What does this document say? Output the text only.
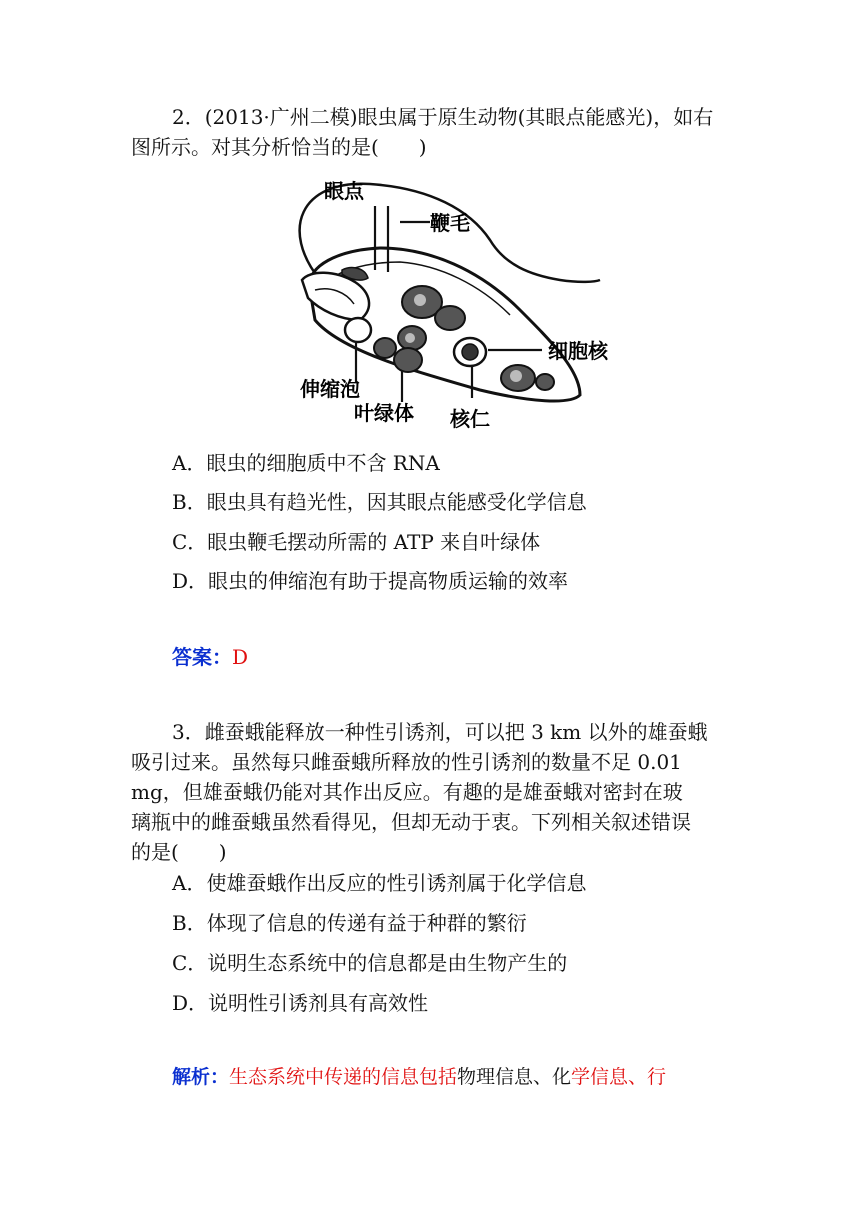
2．(2013·广州二模)眼虫属于原生动物(其眼点能感光)，如右
图所示。对其分析恰当的是(　　)
眼点
鞭毛
细胞核
伸缩泡
叶绿体 核仁
A．眼虫的细胞质中不含 RNA
B．眼虫具有趋光性，因其眼点能感受化学信息
C．眼虫鞭毛摆动所需的 ATP 来自叶绿体
D．眼虫的伸缩泡有助于提高物质运输的效率
答案：D
3．雌蚕蛾能释放一种性引诱剂，可以把 3 km 以外的雄蚕蛾
吸引过来。虽然每只雌蚕蛾所释放的性引诱剂的数量不足 0.01
mg，但雄蚕蛾仍能对其作出反应。有趣的是雄蚕蛾对密封在玻
璃瓶中的雌蚕蛾虽然看得见，但却无动于衷。下列相关叙述错误
的是(　　)
A．使雄蚕蛾作出反应的性引诱剂属于化学信息
B．体现了信息的传递有益于种群的繁衍
C．说明生态系统中的信息都是由生物产生的
D．说明性引诱剂具有高效性
解析：生态系统中传递的信息包括物理信息、化学信息、行
